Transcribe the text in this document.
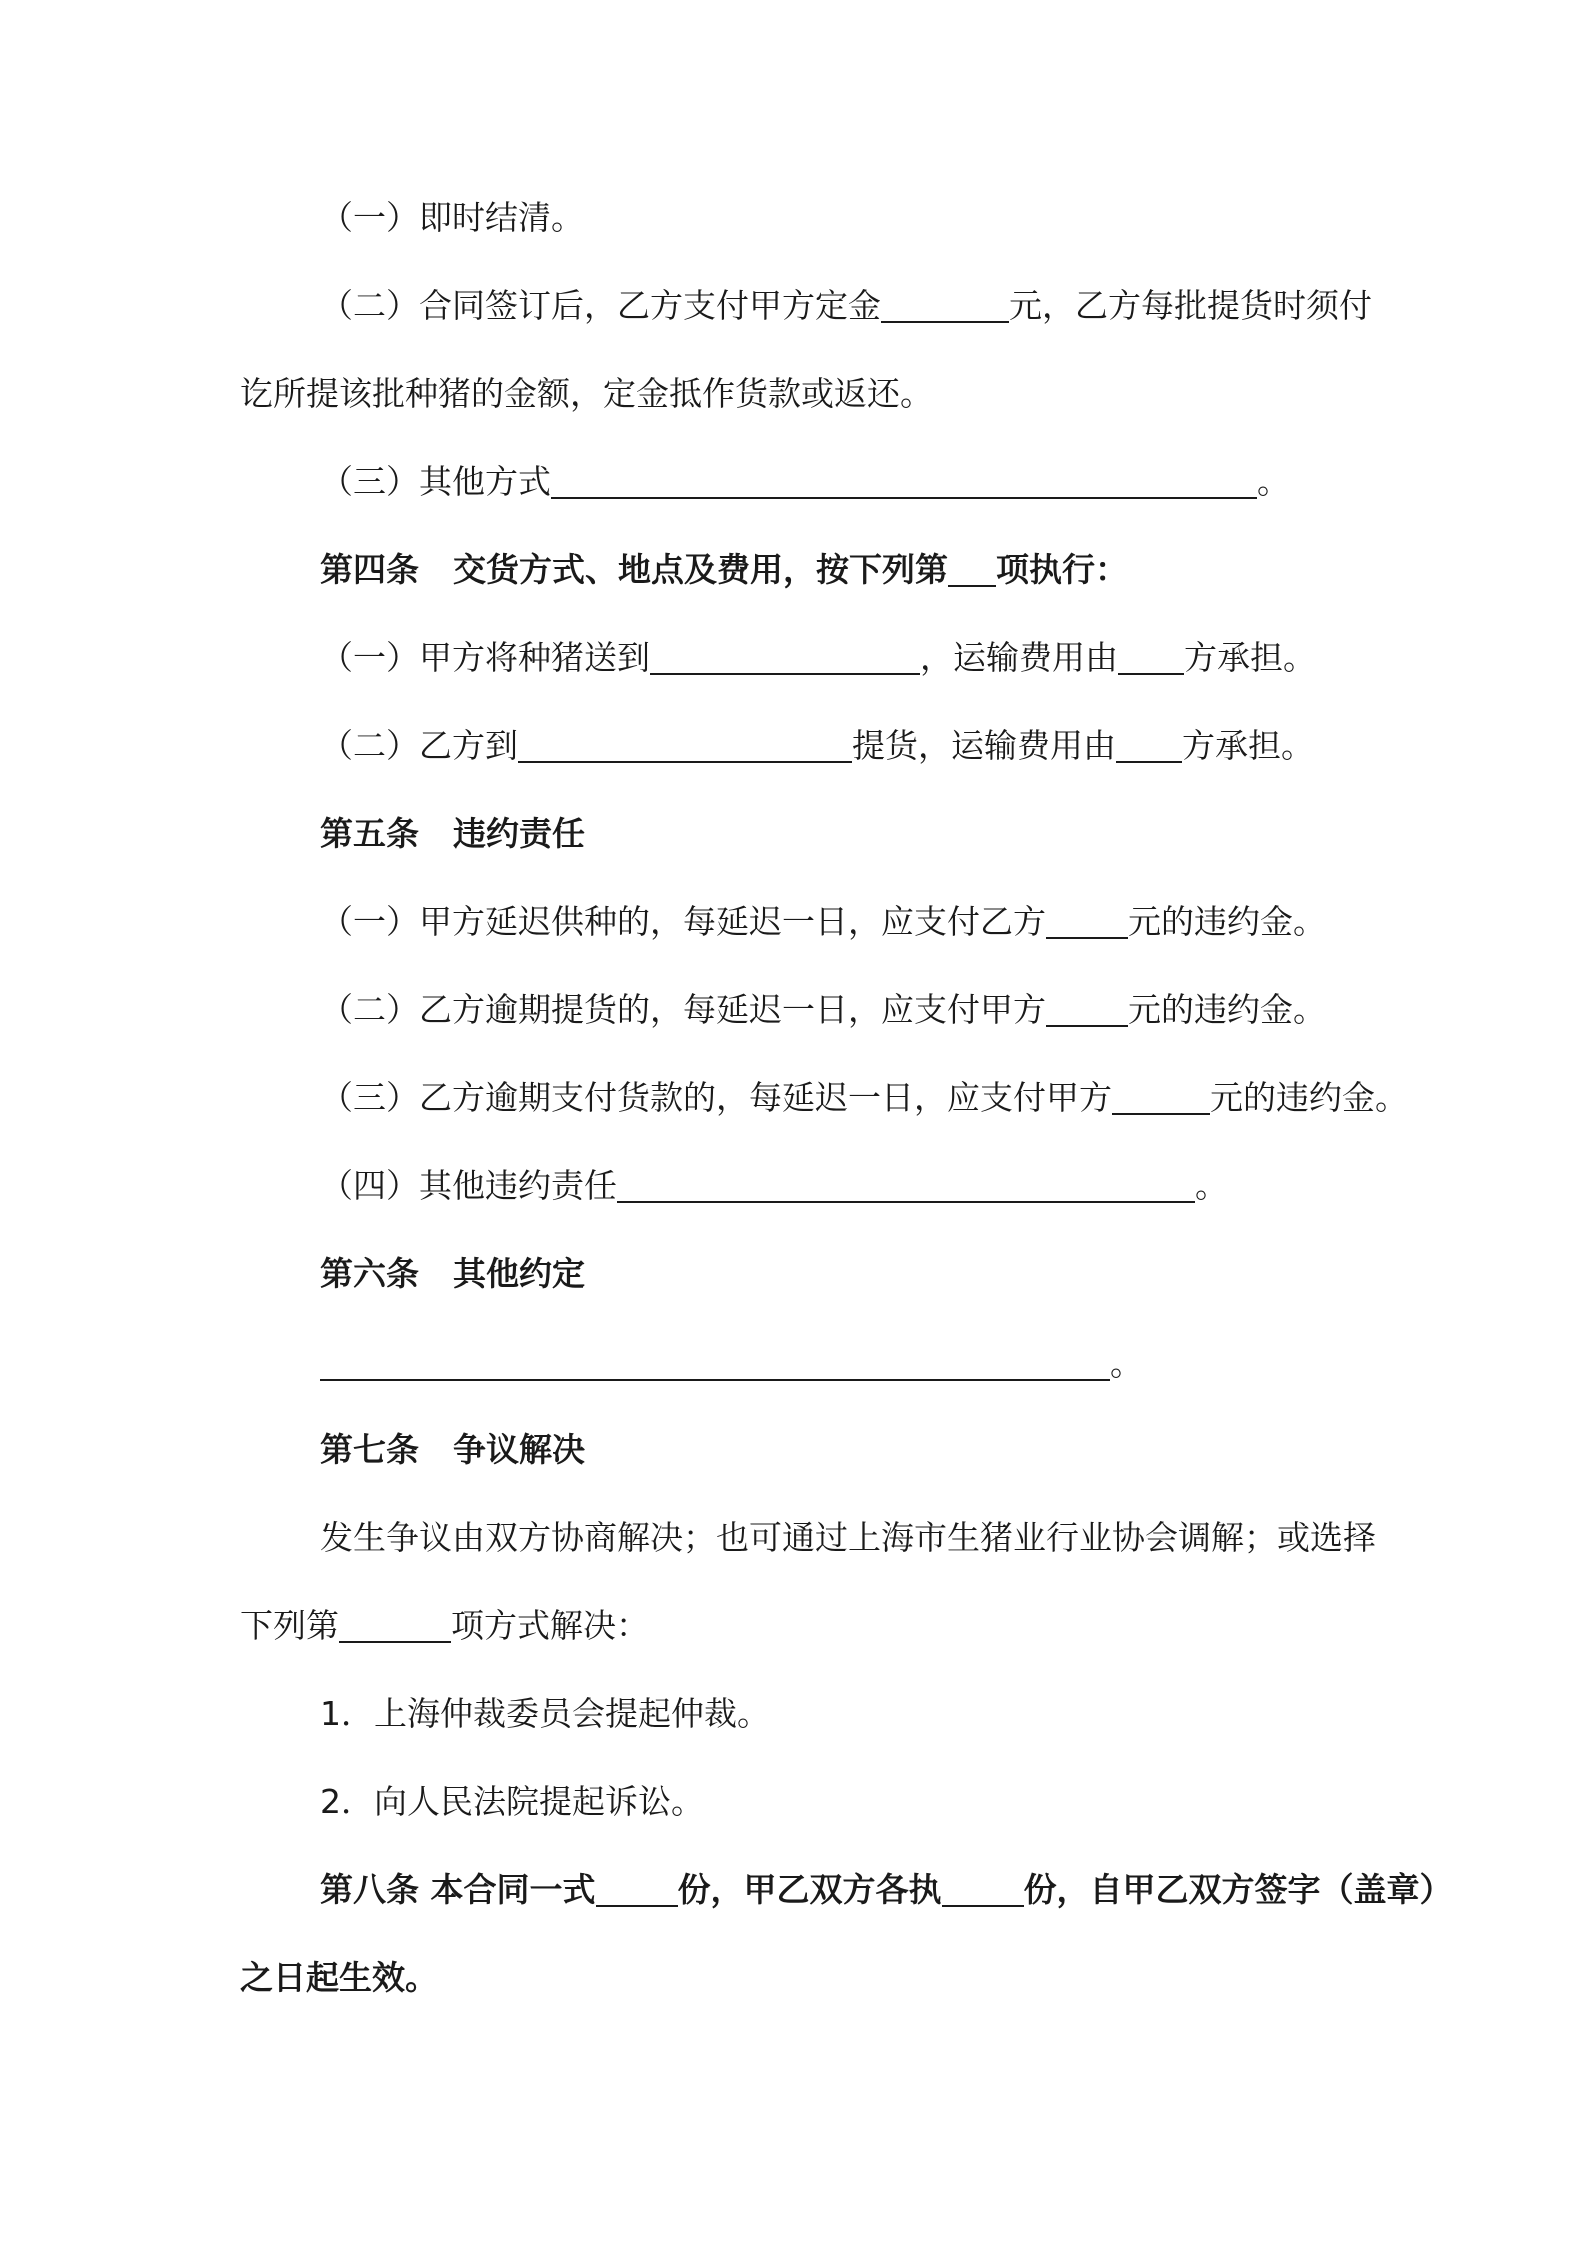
（一）即时结清。
（二）合同签订后，乙方支付甲方定金	元，乙方每批提货时须付
讫所提该批种猪的金额，定金抵作货款或返还。
（三）其他方式	。
第四条 交货方式、地点及费用，按下列第 项执行：
（一）甲方将种猪送到	，运输费用由 方承担。
（二）乙方到	提货，运输费用由 方承担。
第五条 违约责任
（一）甲方延迟供种的，每延迟一日，应支付乙方 元的违约金。
（二）乙方逾期提货的，每延迟一日，应支付甲方 元的违约金。
（三）乙方逾期支付货款的，每延迟一日，应支付甲方	元的违约金。
（四）其他违约责任	。
第六条 其他约定
。
第七条 争议解决
发生争议由双方协商解决；也可通过上海市生猪业行业协会调解；或选择
下列第	项方式解决：
1．上海仲裁委员会提起仲裁。
2．向人民法院提起诉讼。
第八条 本合同一式 份，甲乙双方各执 份，自甲乙双方签字（盖章）
之日起生效。
